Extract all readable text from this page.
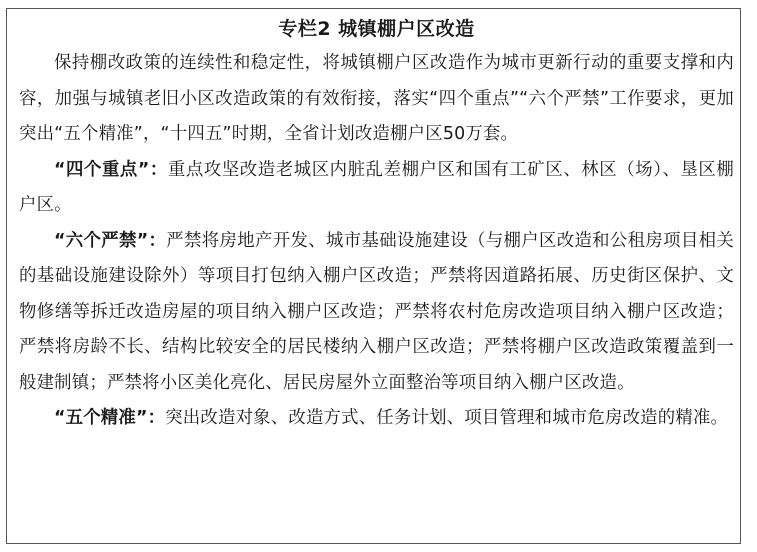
专栏2 城镇棚户区改造

保持棚改政策的连续性和稳定性，将城镇棚户区改造作为城市更新行动的重要支撑和内容，加强与城镇老旧小区改造政策的有效衔接，落实“四个重点”“六个严禁”工作要求，更加突出“五个精准”，“十四五”时期，全省计划改造棚户区50万套。

“四个重点”：重点攻坚改造老城区内脏乱差棚户区和国有工矿区、林区（场）、垦区棚户区。

“六个严禁”：严禁将房地产开发、城市基础设施建设（与棚户区改造和公租房项目相关的基础设施建设除外）等项目打包纳入棚户区改造；严禁将因道路拓展、历史街区保护、文物修缮等拆迁改造房屋的项目纳入棚户区改造；严禁将农村危房改造项目纳入棚户区改造；严禁将房龄不长、结构比较安全的居民楼纳入棚户区改造；严禁将棚户区改造政策覆盖到一般建制镇；严禁将小区美化亮化、居民房屋外立面整治等项目纳入棚户区改造。

“五个精准”：突出改造对象、改造方式、任务计划、项目管理和城市危房改造的精准。
